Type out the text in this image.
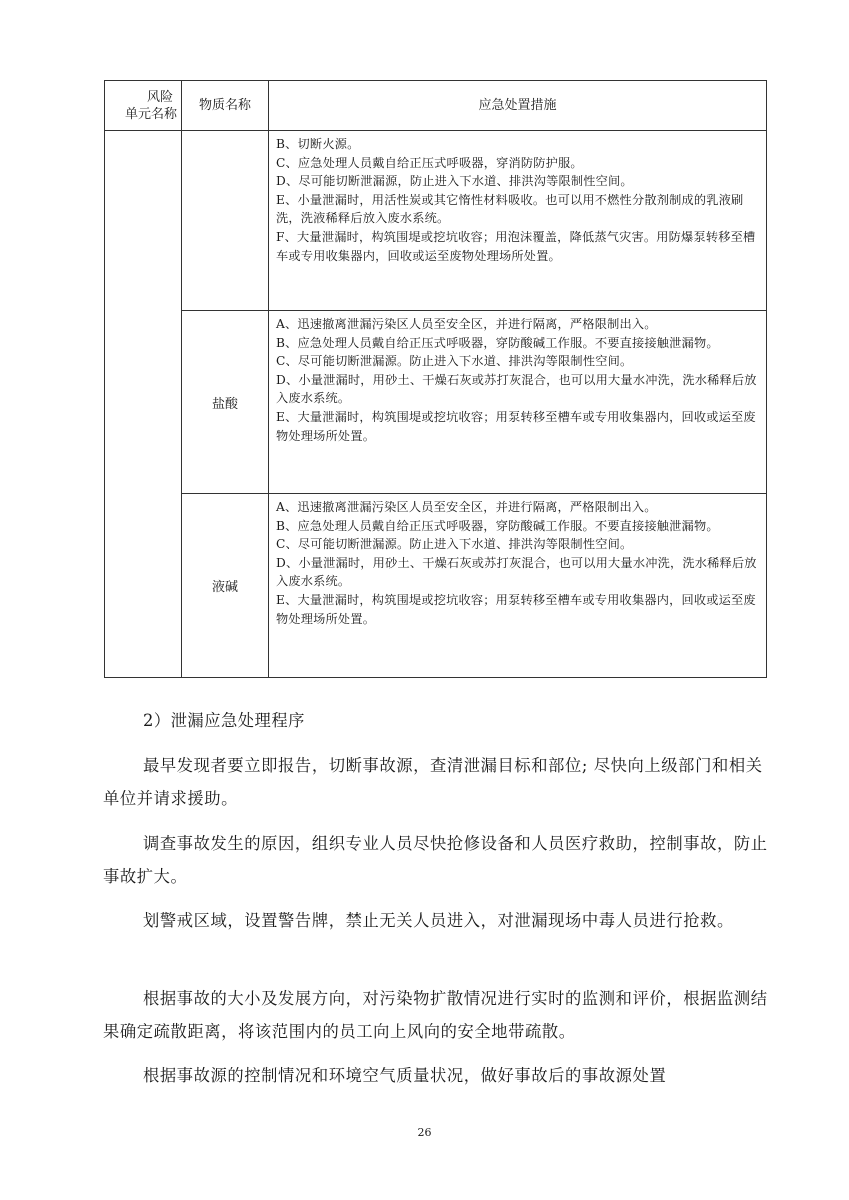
风险
单元名称	物质名称	应急处置措施

		B、切断火源。
C、应急处理人员戴自给正压式呼吸器，穿消防防护服。
D、尽可能切断泄漏源，防止进入下水道、排洪沟等限制性空间。
E、小量泄漏时，用活性炭或其它惰性材料吸收。也可以用不燃性分散剂制成的乳液刷洗，洗液稀释后放入废水系统。
F、大量泄漏时，构筑围堤或挖坑收容；用泡沫覆盖，降低蒸气灾害。用防爆泵转移至槽车或专用收集器内，回收或运至废物处理场所处置。

	盐酸	A、迅速撤离泄漏污染区人员至安全区，并进行隔离，严格限制出入。
B、应急处理人员戴自给正压式呼吸器，穿防酸碱工作服。不要直接接触泄漏物。
C、尽可能切断泄漏源。防止进入下水道、排洪沟等限制性空间。
D、小量泄漏时，用砂土、干燥石灰或苏打灰混合，也可以用大量水冲洗，洗水稀释后放入废水系统。
E、大量泄漏时，构筑围堤或挖坑收容；用泵转移至槽车或专用收集器内，回收或运至废物处理场所处置。

	液碱	A、迅速撤离泄漏污染区人员至安全区，并进行隔离，严格限制出入。
B、应急处理人员戴自给正压式呼吸器，穿防酸碱工作服。不要直接接触泄漏物。
C、尽可能切断泄漏源。防止进入下水道、排洪沟等限制性空间。
D、小量泄漏时，用砂土、干燥石灰或苏打灰混合，也可以用大量水冲洗，洗水稀释后放入废水系统。
E、大量泄漏时，构筑围堤或挖坑收容；用泵转移至槽车或专用收集器内，回收或运至废物处理场所处置。
2）泄漏应急处理程序
最早发现者要立即报告，切断事故源，查清泄漏目标和部位; 尽快向上级部门和相关单位并请求援助。
调查事故发生的原因，组织专业人员尽快抢修设备和人员医疗救助，控制事故，防止事故扩大。
划警戒区域，设置警告牌，禁止无关人员进入，对泄漏现场中毒人员进行抢救。
根据事故的大小及发展方向，对污染物扩散情况进行实时的监测和评价，根据监测结果确定疏散距离，将该范围内的员工向上风向的安全地带疏散。
根据事故源的控制情况和环境空气质量状况，做好事故后的事故源处置
26
